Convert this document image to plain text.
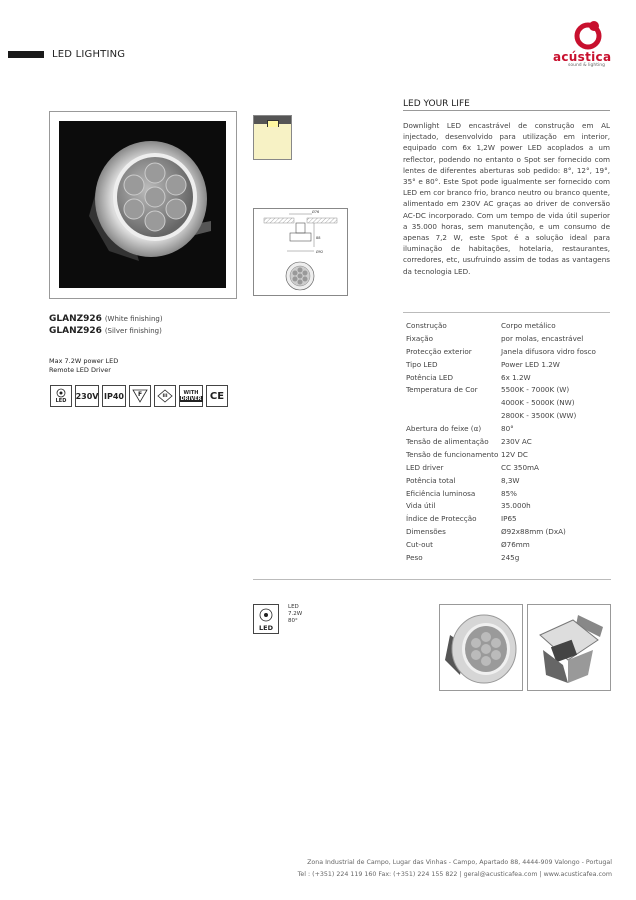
LED LIGHTING	acústica
sound & lighting
GLANZ926 (White finishing)
GLANZ926 (Silver finishing)
Max 7.2W power LED
Remote LED Driver
LED
230V IP40 F	III
WITH
DRIVER CE
Ø76
88
Ø92
LED YOUR LIFE
Downlight LED encastrável de construção em AL injectado, desenvolvido para utilização em interior, equipado com 6x 1,2W power LED acoplados a um reflector, podendo no entanto o Spot ser fornecido com lentes de diferentes aberturas sob pedido: 8°, 12°, 19°, 35° e 80°. Este Spot pode igualmente ser fornecido com LED em cor branco frio, branco neutro ou branco quente, alimentado em 230V AC graças ao driver de conversão AC-DC incorporado. Com um tempo de vida útil superior a 35.000 horas, sem manutenção, e um consumo de apenas 7,2 W, este Spot é a solução ideal para iluminação de habitações, hotelaria, restaurantes, corredores, etc, usufruindo assim de todas as vantagens da tecnologia LED.
Construção	Corpo metálico
Fixação	por molas, encastrável
Protecção exterior	Janela difusora vidro fosco
Tipo LED	Power LED 1.2W
Potência LED	6x 1.2W
Temperatura de Cor	5500K - 7000K (W)
4000K - 5000K (NW)
2800K - 3500K (WW)
Abertura do feixe (α)	80°
Tensão de alimentação	230V AC
Tensão de funcionamento 12V DC
LED driver	CC 350mA
Potência total	8,3W
Eficiência luminosa	85%
Vida útil	35.000h
Índice de Protecção	IP65
Dimensões	Ø92x88mm (DxA)
Cut-out	Ø76mm
Peso	245g
LED
LED
7.2W
80°
Zona Industrial de Campo, Lugar das Vinhas - Campo, Apartado 88, 4444-909 Valongo - Portugal
Tel : (+351) 224 119 160 Fax: (+351) 224 155 822 | geral@acusticafea.com | www.acusticafea.com
